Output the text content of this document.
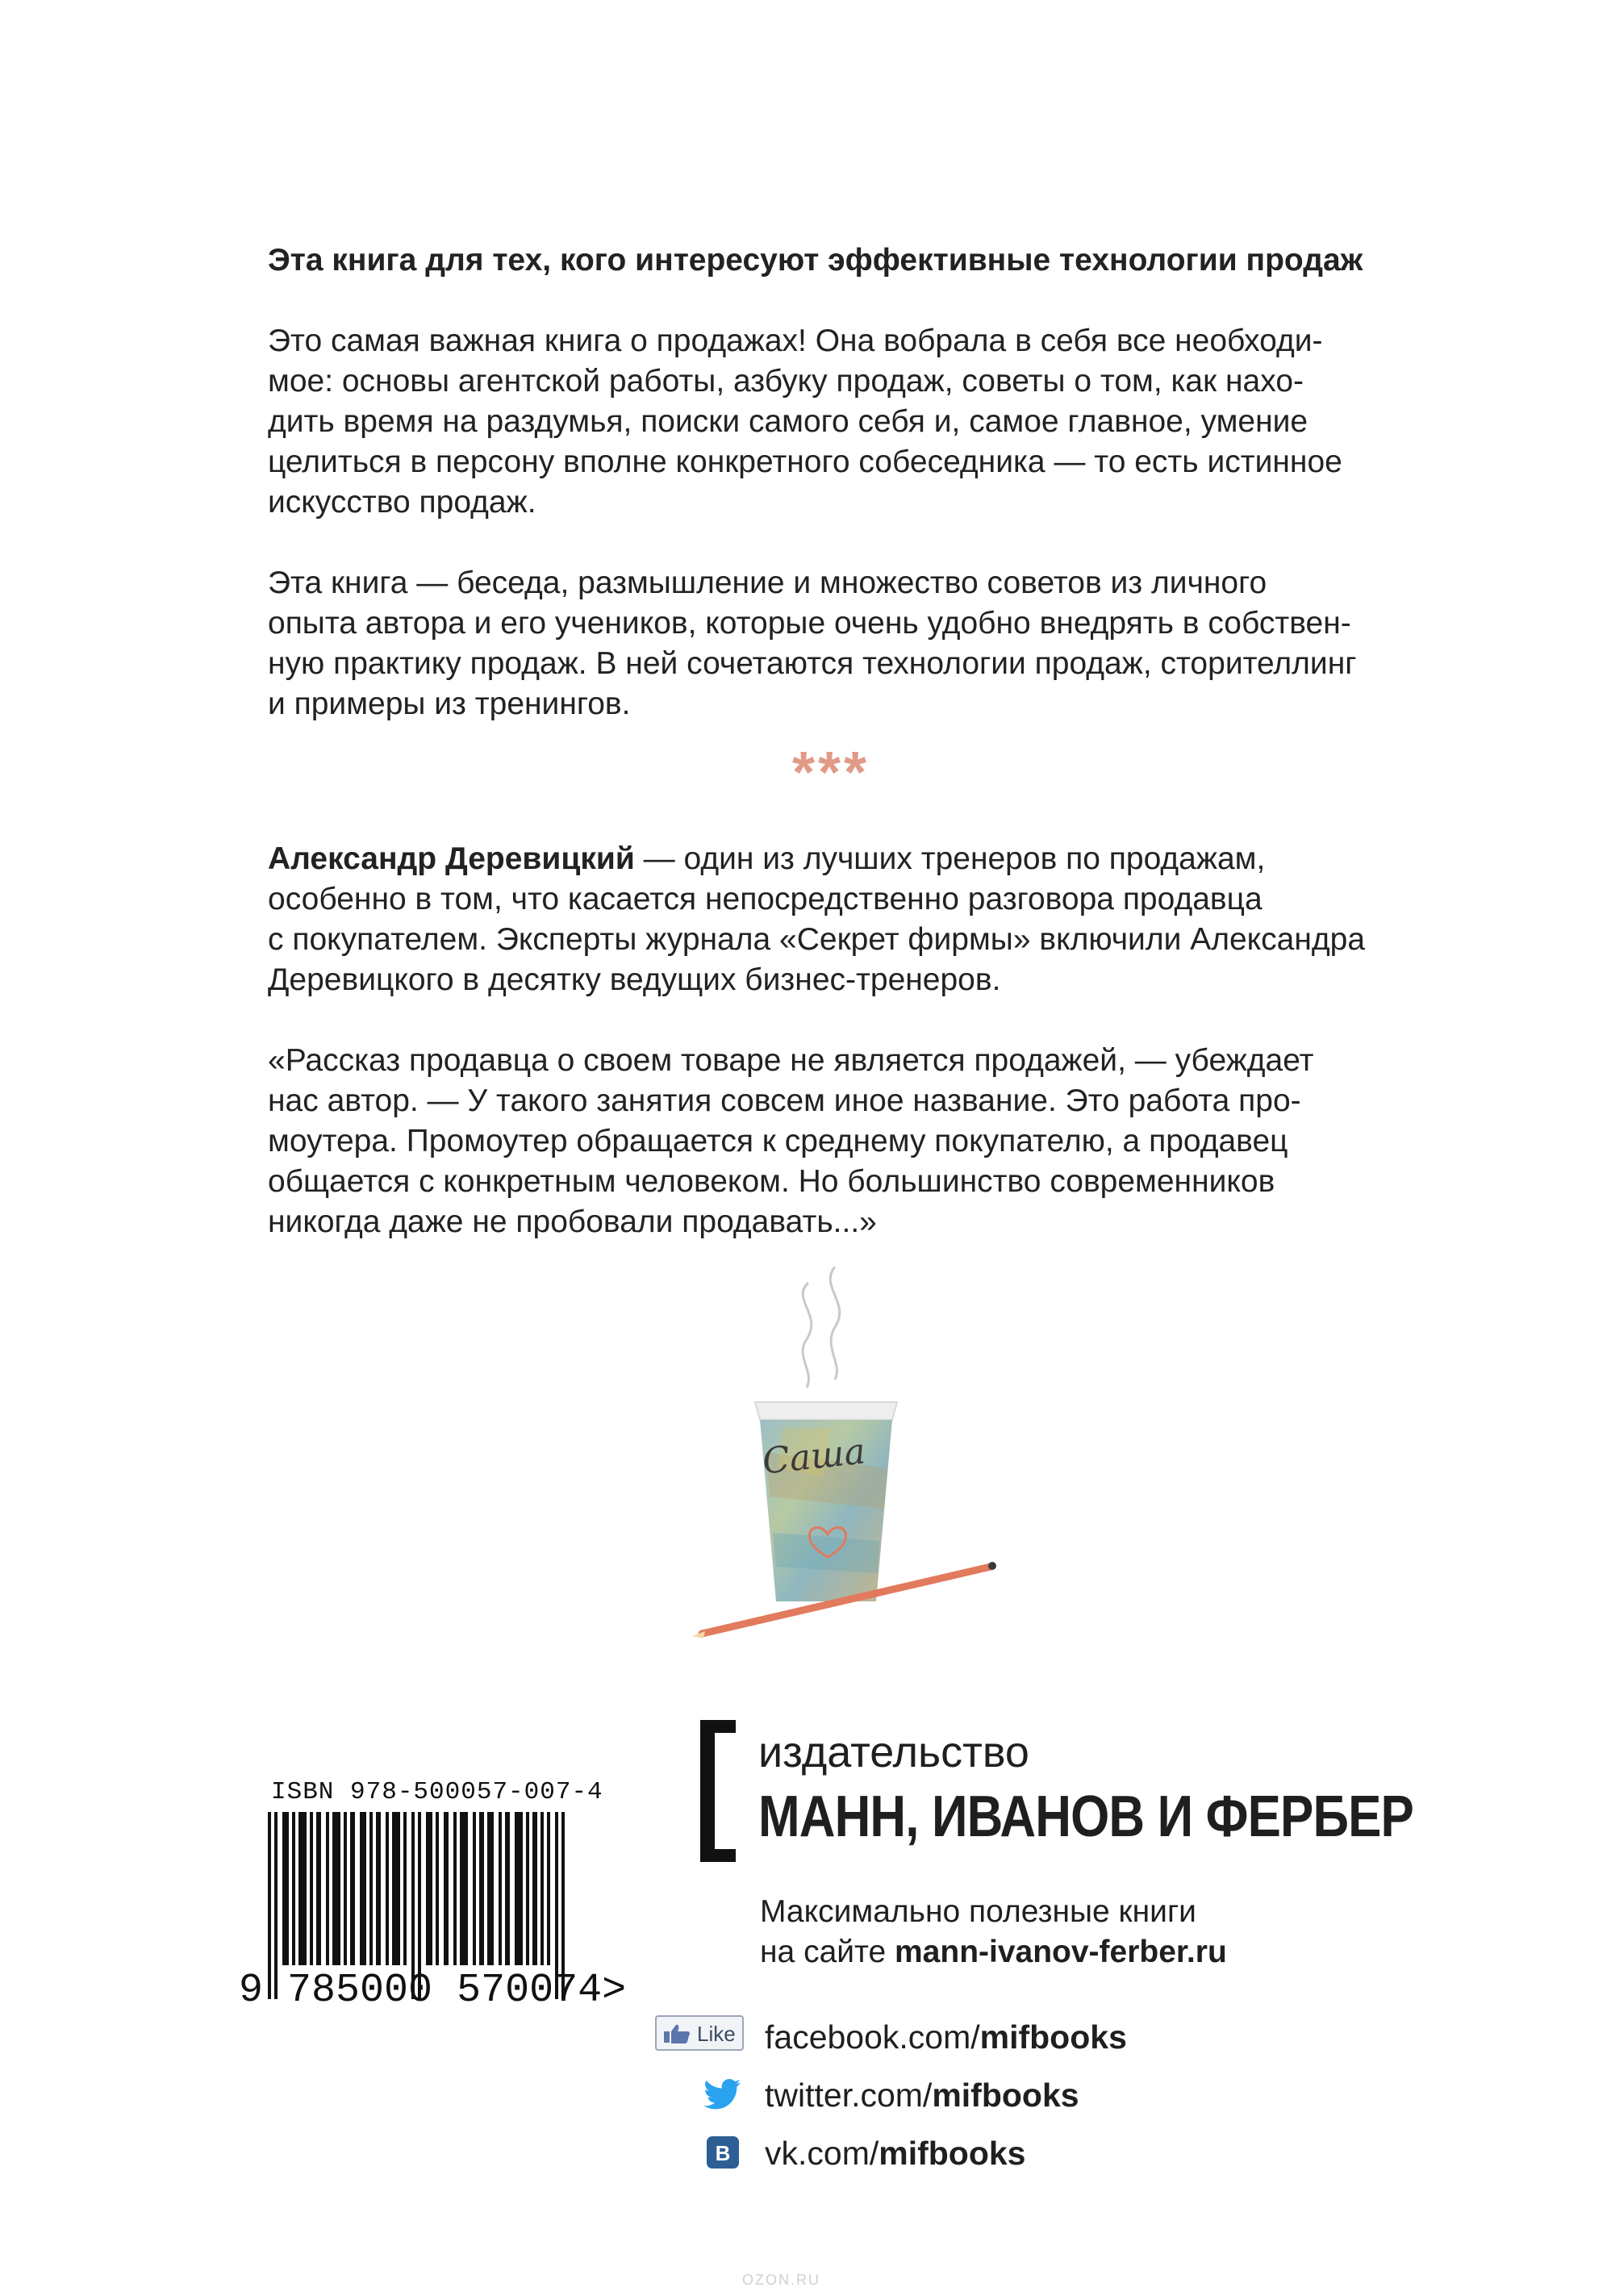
Эта книга для тех, кого интересуют эффективные технологии продаж

Это самая важная книга о продажах! Она вобрала в себя все необходи-
мое: основы агентской работы, азбуку продаж, советы о том, как нахо-
дить время на раздумья, поиски самого себя и, самое главное, умение
целиться в персону вполне конкретного собеседника — то есть истинное
искусство продаж.
Эта книга — беседа, размышление и множество советов из личного
опыта автора и его учеников, которые очень удобно внедрять в собствен-
ную практику продаж. В ней сочетаются технологии продаж, сторителлинг
и примеры из тренингов.
***
Александр Деревицкий — один из лучших тренеров по продажам,
особенно в том, что касается непосредственно разговора продавца
с покупателем. Эксперты журнала «Секрет фирмы» включили Александра
Деревицкого в десятку ведущих бизнес-тренеров.
«Рассказ продавца о своем товаре не является продажей, — убеждает
нас автор. — У такого занятия совсем иное название. Это работа про-
моутера. Промоутер обращается к среднему покупателю, а продавец
общается с конкретным человеком. Но большинство современников
никогда даже не пробовали продавать...»
Саша
ISBN 978-500057-007-4
9 785000 570074>
издательство
МАНН, ИВАНОВ И ФЕРБЕР
Максимально полезные книги
на сайте mann-ivanov-ferber.ru
Like facebook.com/mifbooks
twitter.com/mifbooks
В vk.com/mifbooks
OZON.RU
